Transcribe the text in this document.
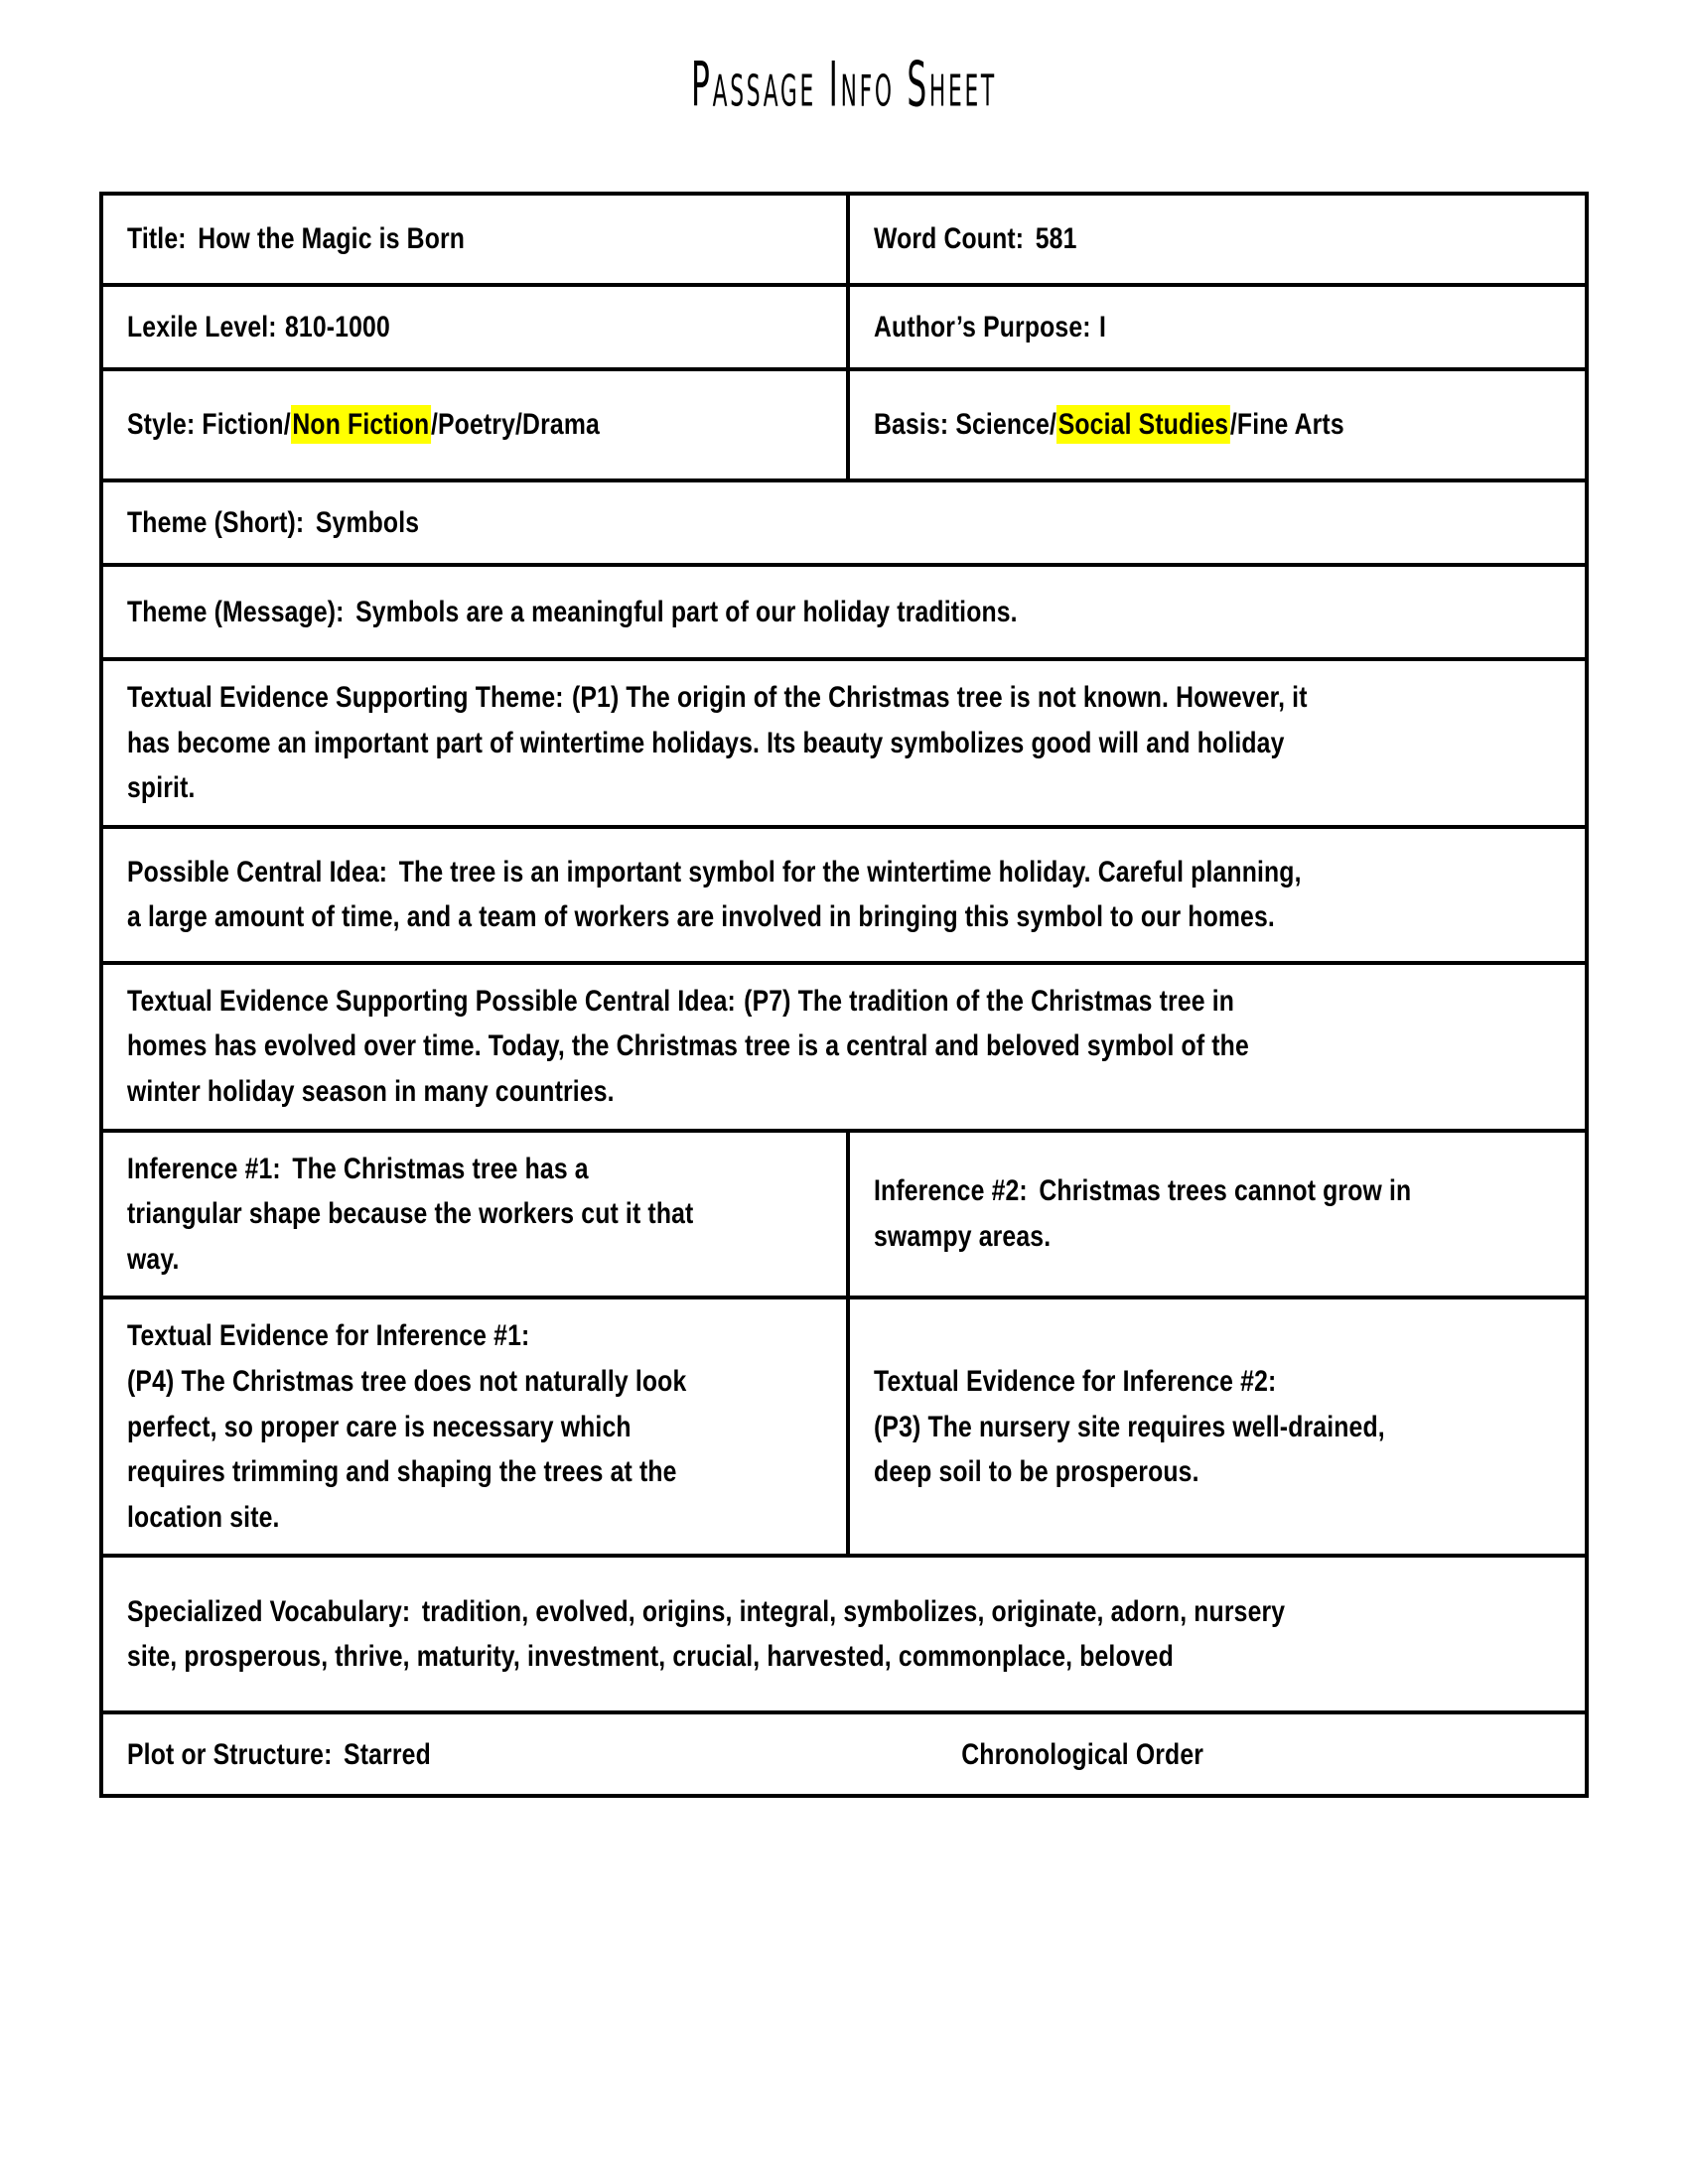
Passage Info Sheet
Title: How the Magic is Born	Word Count: 581
Lexile Level: 810-1000	Author’s Purpose: I
Style: Fiction/Non Fiction/Poetry/Drama	Basis: Science/Social Studies/Fine Arts
Theme (Short): Symbols
Theme (Message): Symbols are a meaningful part of our holiday traditions.
Textual Evidence Supporting Theme: (P1) The origin of the Christmas tree is not known. However, it has become an important part of wintertime holidays. Its beauty symbolizes good will and holiday spirit.
Possible Central Idea: The tree is an important symbol for the wintertime holiday. Careful planning, a large amount of time, and a team of workers are involved in bringing this symbol to our homes.
Textual Evidence Supporting Possible Central Idea: (P7) The tradition of the Christmas tree in homes has evolved over time. Today, the Christmas tree is a central and beloved symbol of the winter holiday season in many countries.
Inference #1: The Christmas tree has a triangular shape because the workers cut it that way.
Inference #2: Christmas trees cannot grow in swampy areas.
Textual Evidence for Inference #1:
(P4) The Christmas tree does not naturally look perfect, so proper care is necessary which requires trimming and shaping the trees at the location site.
Textual Evidence for Inference #2:
(P3) The nursery site requires well-drained, deep soil to be prosperous.
Specialized Vocabulary: tradition, evolved, origins, integral, symbolizes, originate, adorn, nursery site, prosperous, thrive, maturity, investment, crucial, harvested, commonplace, beloved
Plot or Structure: Starred	Chronological Order
